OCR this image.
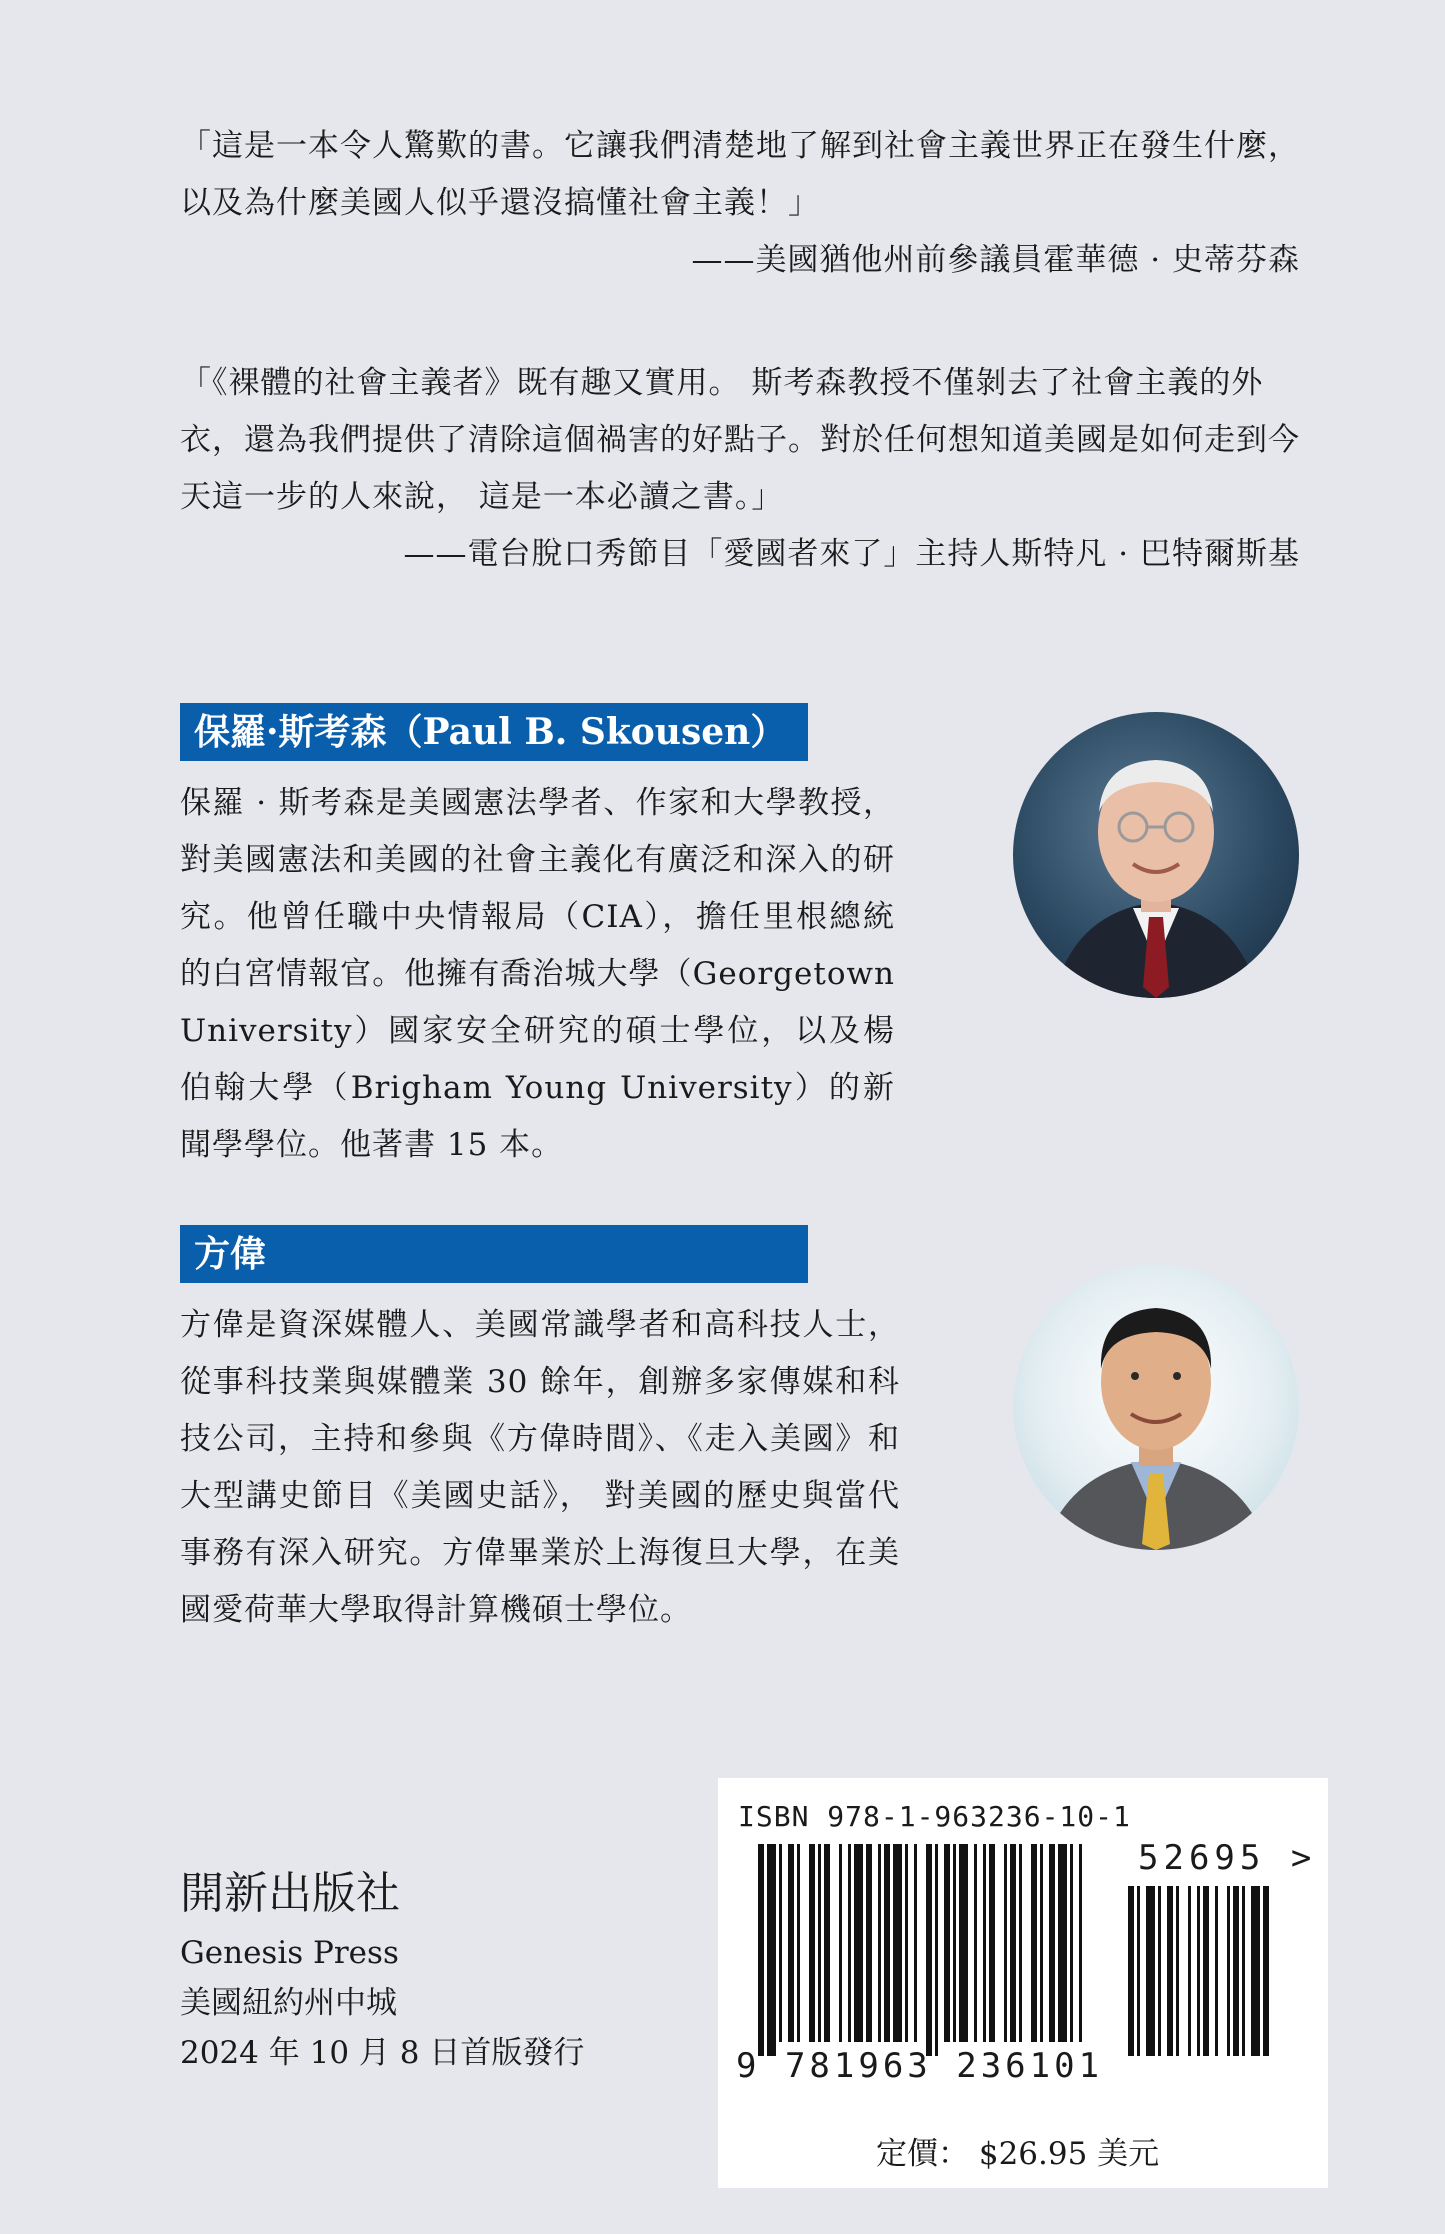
「這是一本令人驚歎的書。它讓我們清楚地了解到社會主義世界正在發生什麼，以及為什麼美國人似乎還沒搞懂社會主義！」
——美國猶他州前參議員霍華德 · 史蒂芬森
「《裸體的社會主義者》既有趣又實用。 斯考森教授不僅剝去了社會主義的外衣，還為我們提供了清除這個禍害的好點子。對於任何想知道美國是如何走到今天這一步的人來說， 這是一本必讀之書。」
——電台脫口秀節目「愛國者來了」主持人斯特凡 · 巴特爾斯基
保羅·斯考森（Paul B. Skousen）
保羅 · 斯考森是美國憲法學者、作家和大學教授，對美國憲法和美國的社會主義化有廣泛和深入的研究。他曾任職中央情報局（CIA），擔任里根總統的白宮情報官。他擁有喬治城大學（Georgetown University）國家安全研究的碩士學位，以及楊伯翰大學（Brigham Young University）的新聞學學位。他著書 15 本。
方偉
方偉是資深媒體人、美國常識學者和高科技人士，從事科技業與媒體業 30 餘年，創辦多家傳媒和科技公司，主持和參與《方偉時間》、《走入美國》和大型講史節目《美國史話》， 對美國的歷史與當代事務有深入研究。方偉畢業於上海復旦大學，在美國愛荷華大學取得計算機碩士學位。
開新出版社
Genesis Press
美國紐約州中城
2024 年 10 月 8 日首版發行
ISBN 978-1-963236-10-1
52695 >
9 781963 236101
定價： $26.95 美元
